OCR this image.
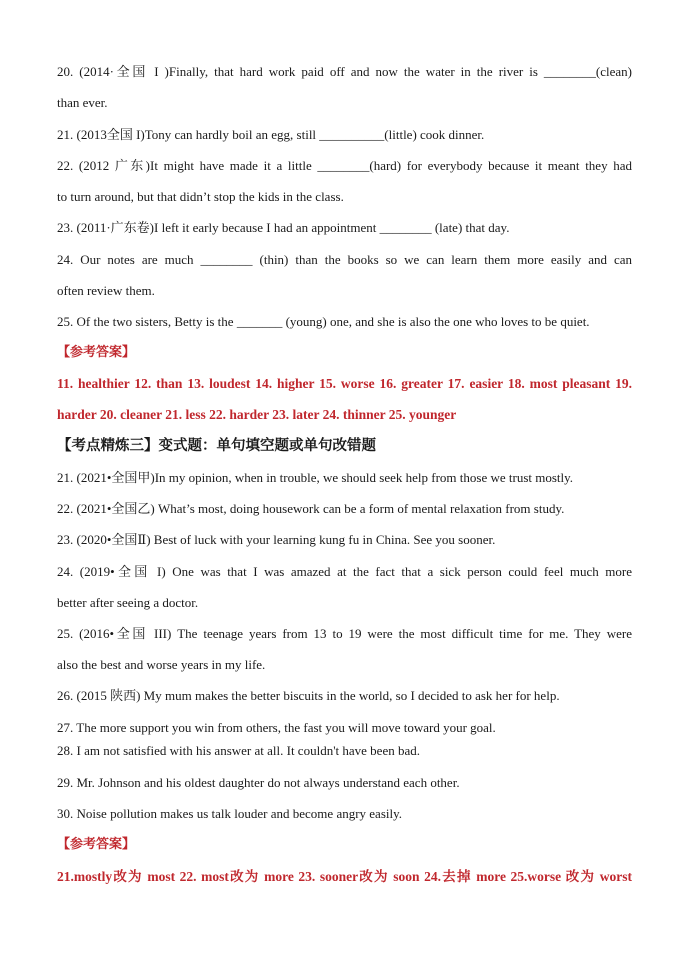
20. (2014·全国 I )Finally, that hard work paid off and now the water in the river is ________(clean)
than ever.
21. (2013全国 I)Tony can hardly boil an egg, still __________(little) cook dinner.
22. (2012 广东)It might have made it a little ________(hard) for everybody because it meant they had
to turn around, but that didn’t stop the kids in the class.
23. (2011·广东卷)I left it early because I had an appointment ________ (late) that day.
24. Our notes are much ________ (thin) than the books so we can learn them more easily and can
often review them.
25. Of the two sisters, Betty is the _______ (young) one, and she is also the one who loves to be quiet.
【参考答案】
11. healthier 12. than 13. loudest 14. higher 15. worse 16. greater 17. easier 18. most pleasant 19.
harder 20. cleaner 21. less 22. harder 23. later 24. thinner 25. younger
【考点精炼三】变式题：单句填空题或单句改错题
21. (2021•全国甲)In my opinion, when in trouble, we should seek help from those we trust mostly.
22. (2021•全国乙) What’s most, doing housework can be a form of mental relaxation from study.
23. (2020•全国Ⅱ) Best of luck with your learning kung fu in China. See you sooner.
24. (2019•全国 I) One was that I was amazed at the fact that a sick person could feel much more
better after seeing a doctor.
25. (2016•全国 III) The teenage years from 13 to 19 were the most difficult time for me. They were
also the best and worse years in my life.
26. (2015 陕西) My mum makes the better biscuits in the world, so I decided to ask her for help.
27. The more support you win from others, the fast you will move toward your goal.
28. I am not satisfied with his answer at all. It couldn't have been bad.
29. Mr. Johnson and his oldest daughter do not always understand each other.
30. Noise pollution makes us talk louder and become angry easily.
【参考答案】
21.mostly改为 most 22. most改为 more 23. sooner改为 soon 24.去掉 more 25.worse 改为 worst
